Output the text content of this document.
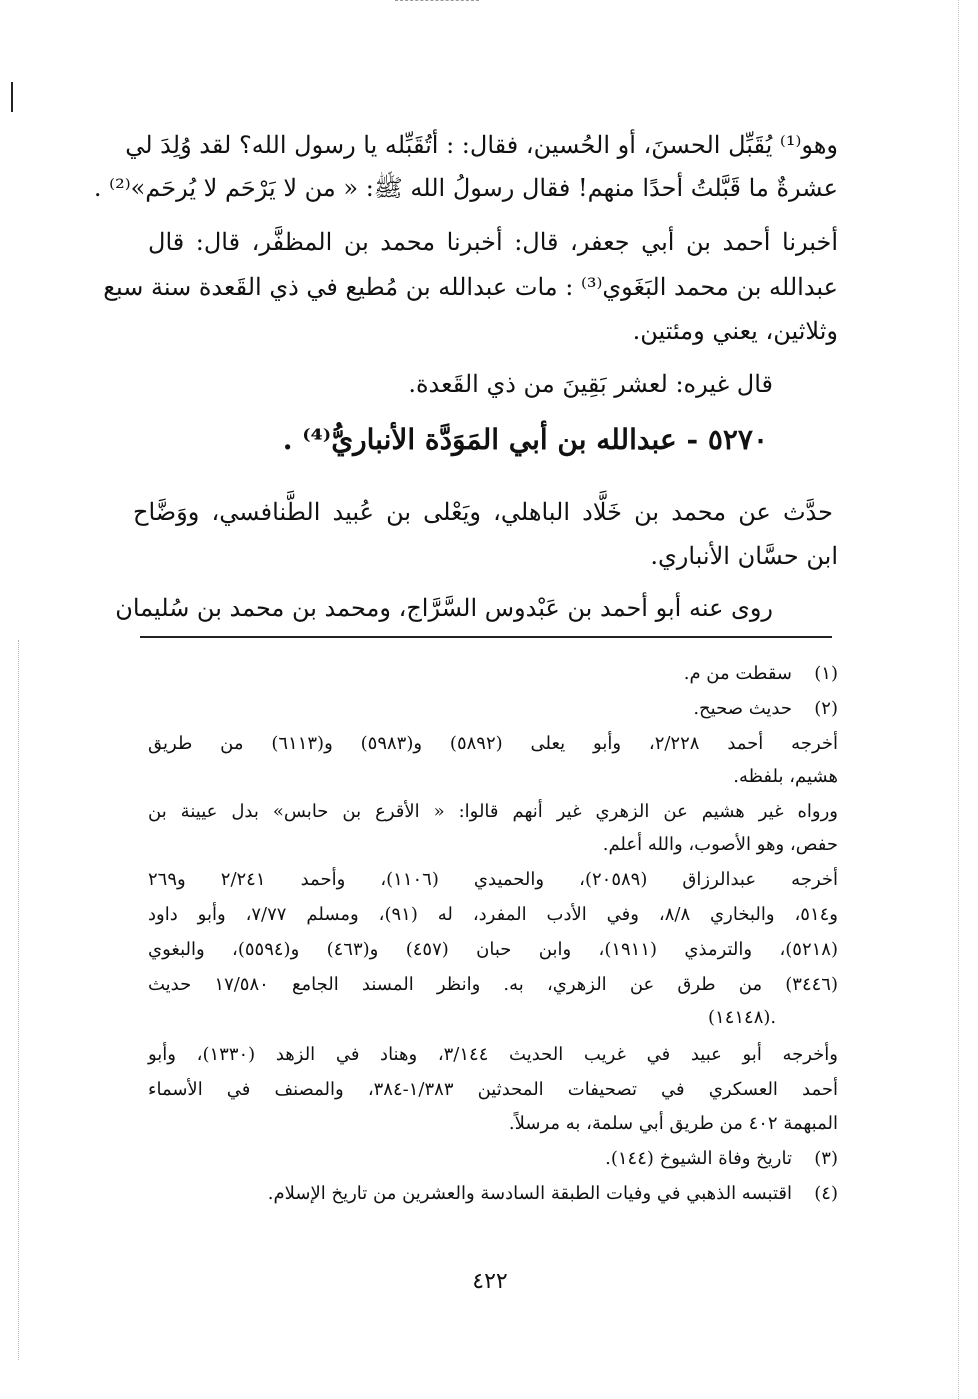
وهو⁽¹⁾ يُقَبِّل الحسنَ، أو الحُسين، فقال: : أتُقَبِّله يا رسول الله؟ لقد وُلِدَ لي
عشرةٌ ما قَبَّلتُ أحدًا منهم! فقال رسولُ الله ﷺ: « من لا يَرْحَم لا يُرحَم»⁽²⁾ .
أخبرنا أحمد بن أبي جعفر، قال: أخبرنا محمد بن المظفَّر، قال: قال
عبدالله بن محمد البَغَوي⁽³⁾ : مات عبدالله بن مُطيع في ذي القَعدة سنة سبع
وثلاثين، يعني ومئتين.
قال غيره: لعشر بَقِينَ من ذي القَعدة.
٥٢٧٠ - عبدالله بن أبي المَوَدَّة الأنباريُّ⁽⁴⁾ .
حدَّث عن محمد بن خَلَّاد الباهلي، ويَعْلى بن عُبيد الطَّنافسي، ووَضَّاح
ابن حسَّان الأنباري.
روى عنه أبو أحمد بن عَبْدوس السَّرَّاج، ومحمد بن محمد بن سُليمان
(١)
سقطت من م.
(٢)
حديث صحيح.
أخرجه أحمد ٢/٢٢٨، وأبو يعلى (٥٨٩٢) و(٥٩٨٣) و(٦١١٣) من طريق
هشيم، بلفظه.
ورواه غير هشيم عن الزهري غير أنهم قالوا: « الأقرع بن حابس» بدل عيينة بن
حفص، وهو الأصوب، والله أعلم.
أخرجه عبدالرزاق (٢٠٥٨٩)، والحميدي (١١٠٦)، وأحمد ٢/٢٤١ و٢٦٩
و٥١٤، والبخاري ٨/٨، وفي الأدب المفرد، له (٩١)، ومسلم ٧/٧٧، وأبو داود
(٥٢١٨)، والترمذي (١٩١١)، وابن حبان (٤٥٧) و(٤٦٣) و(٥٥٩٤)، والبغوي
(٣٤٤٦) من طرق عن الزهري، به. وانظر المسند الجامع ١٧/٥٨٠ حديث
(١٤١٤٨).
وأخرجه أبو عبيد في غريب الحديث ٣/١٤٤، وهناد في الزهد (١٣٣٠)، وأبو
أحمد العسكري في تصحيفات المحدثين ١/٣٨٣-٣٨٤، والمصنف في الأسماء
المبهمة ٤٠٢ من طريق أبي سلمة، به مرسلاً.
(٣)
تاريخ وفاة الشيوخ (١٤٤).
(٤)
اقتبسه الذهبي في وفيات الطبقة السادسة والعشرين من تاريخ الإسلام.
٤٢٢
